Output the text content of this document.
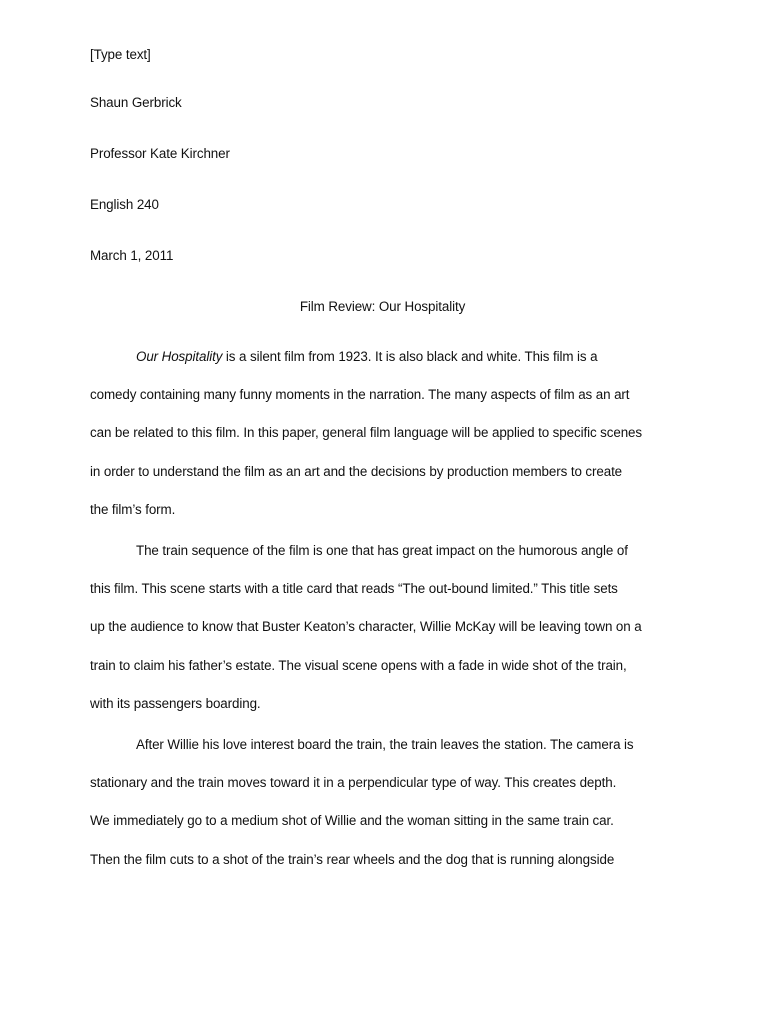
[Type text]
Shaun Gerbrick
Professor Kate Kirchner
English 240
March 1, 2011
Film Review: Our Hospitality
Our Hospitality is a silent film from 1923. It is also black and white. This film is a
comedy containing many funny moments in the narration. The many aspects of film as an art
can be related to this film. In this paper, general film language will be applied to specific scenes
in order to understand the film as an art and the decisions by production members to create
the film’s form.
The train sequence of the film is one that has great impact on the humorous angle of
this film. This scene starts with a title card that reads “The out-bound limited.” This title sets
up the audience to know that Buster Keaton’s character, Willie McKay will be leaving town on a
train to claim his father’s estate. The visual scene opens with a fade in wide shot of the train,
with its passengers boarding.
After Willie his love interest board the train, the train leaves the station. The camera is
stationary and the train moves toward it in a perpendicular type of way. This creates depth.
We immediately go to a medium shot of Willie and the woman sitting in the same train car.
Then the film cuts to a shot of the train’s rear wheels and the dog that is running alongside
